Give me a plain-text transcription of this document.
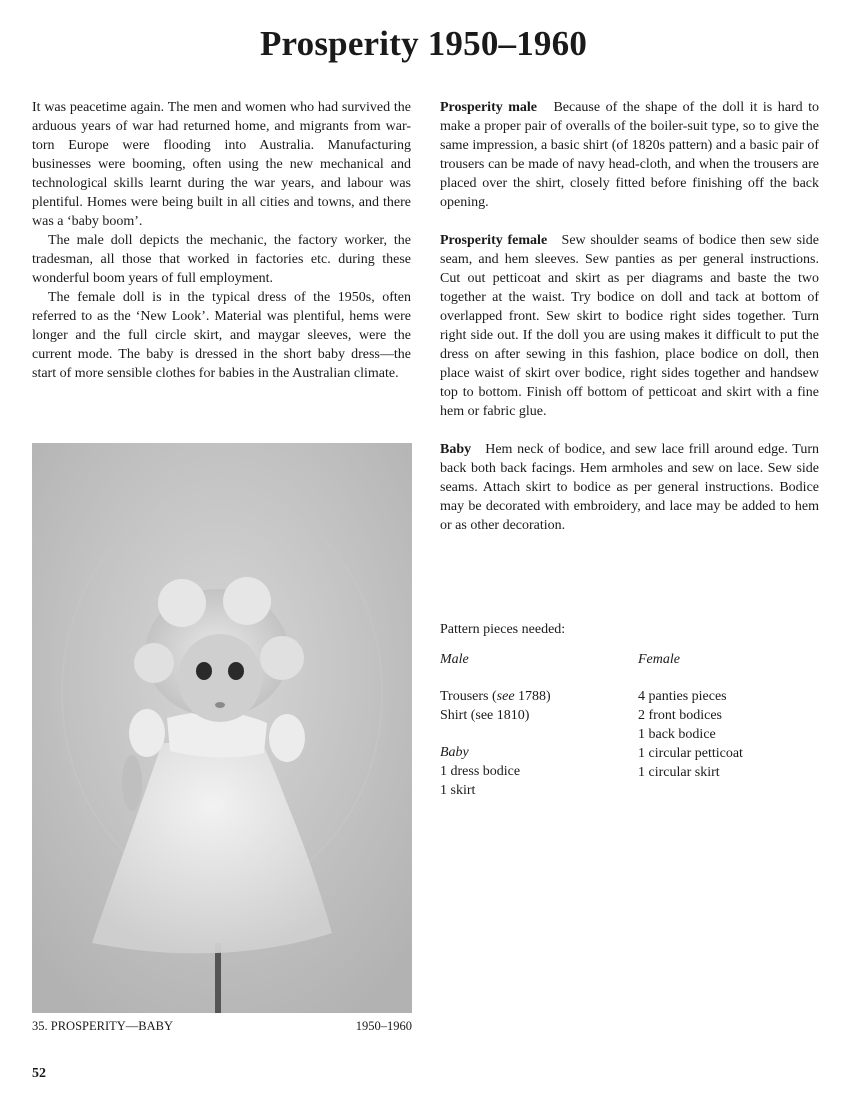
Prosperity 1950–1960

It was peacetime again. The men and women who had survived the arduous years of war had returned home, and migrants from war-torn Europe were flooding into Australia. Manufacturing businesses were booming, often using the new mechanical and technological skills learnt during the war years, and labour was plentiful. Homes were being built in all cities and towns, and there was a ‘baby boom’.

The male doll depicts the mechanic, the factory worker, the tradesman, all those that worked in factories etc. during these wonderful boom years of full employment.

The female doll is in the typical dress of the 1950s, often referred to as the ‘New Look’. Material was plentiful, hems were longer and the full circle skirt, and maygar sleeves, were the current mode. The baby is dressed in the short baby dress—the start of more sensible clothes for babies in the Australian climate.

35. PROSPERITY—BABY	1950–1960

Prosperity male Because of the shape of the doll it is hard to make a proper pair of overalls of the boiler-suit type, so to give the same impression, a basic shirt (of 1820s pattern) and a basic pair of trousers can be made of navy head-cloth, and when the trousers are placed over the shirt, closely fitted before finishing off the back opening.

Prosperity female Sew shoulder seams of bodice then sew side seam, and hem sleeves. Sew panties as per general instructions. Cut out petticoat and skirt as per diagrams and baste the two together at the waist. Try bodice on doll and tack at bottom of overlapped front. Sew skirt to bodice right sides together. Turn right side out. If the doll you are using makes it difficult to put the dress on after sewing in this fashion, place bodice on doll, then place waist of skirt over bodice, right sides together and handsew top to bottom. Finish off bottom of petticoat and skirt with a fine hem or fabric glue.

Baby Hem neck of bodice, and sew lace frill around edge. Turn back both back facings. Hem armholes and sew on lace. Sew side seams. Attach skirt to bodice as per general instructions. Bodice may be decorated with embroidery, and lace may be added to hem or as other decoration.

Pattern pieces needed:
Male
Trousers (see 1788)
Shirt (see 1810)
Baby
1 dress bodice
1 skirt
Female
4 panties pieces
2 front bodices
1 back bodice
1 circular petticoat
1 circular skirt
52
